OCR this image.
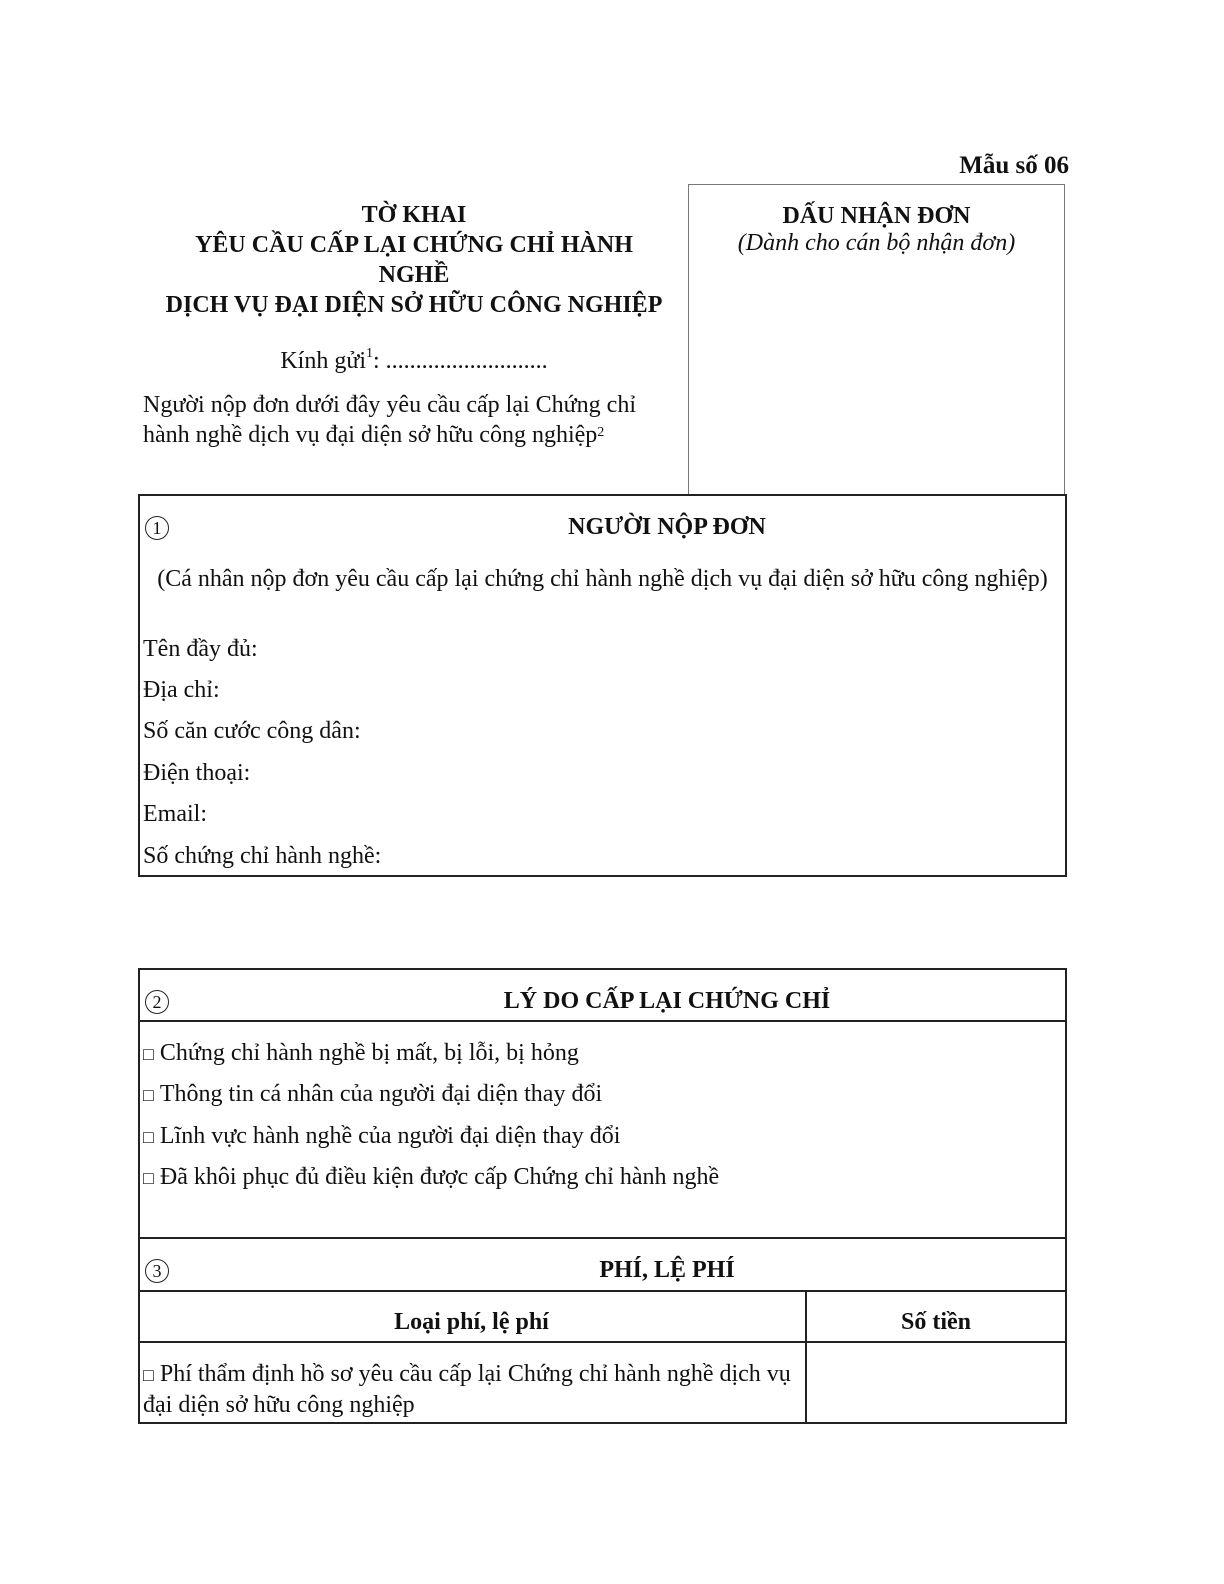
Mẫu số 06
TỜ KHAI
YÊU CẦU CẤP LẠI CHỨNG CHỈ HÀNH NGHỀ
DỊCH VỤ ĐẠI DIỆN SỞ HỮU CÔNG NGHIỆP
DẤU NHẬN ĐƠN
(Dành cho cán bộ nhận đơn)
Kính gửi$^1$: ...........................
Người nộp đơn dưới đây yêu cầu cấp lại Chứng chỉ hành nghề dịch vụ đại diện sở hữu công nghiệp$^2$
1	NGƯỜI NỘP ĐƠN
(Cá nhân nộp đơn yêu cầu cấp lại chứng chỉ hành nghề dịch vụ đại diện sở hữu công nghiệp)
Tên đầy đủ:
Địa chỉ:
Số căn cước công dân:
Điện thoại:
Email:
Số chứng chỉ hành nghề:
2	LÝ DO CẤP LẠI CHỨNG CHỈ
□ Chứng chỉ hành nghề bị mất, bị lỗi, bị hỏng
□ Thông tin cá nhân của người đại diện thay đổi
□ Lĩnh vực hành nghề của người đại diện thay đổi
□ Đã khôi phục đủ điều kiện được cấp Chứng chỉ hành nghề
3	PHÍ, LỆ PHÍ
Loại phí, lệ phí	Số tiền
□ Phí thẩm định hồ sơ yêu cầu cấp lại Chứng chỉ hành nghề dịch vụ đại diện sở hữu công nghiệp
